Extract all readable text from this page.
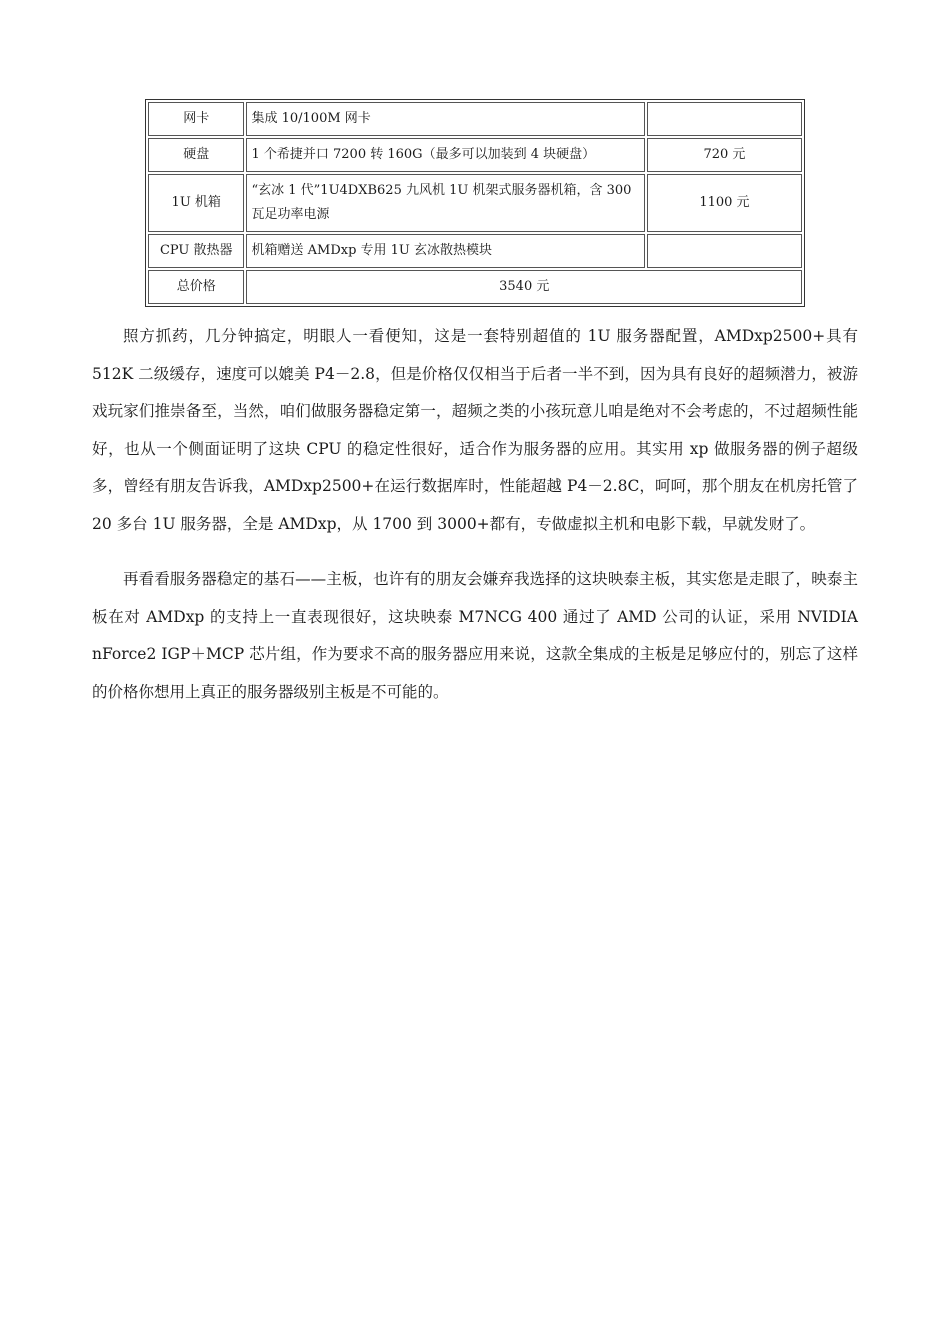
网卡	集成 10/100M 网卡	
硬盘	1 个希捷并口 7200 转 160G（最多可以加装到 4 块硬盘）	720 元
1U 机箱	“玄冰 1 代”1U4DXB625 九风机 1U 机架式服务器机箱，含 300 瓦足功率电源	1100 元
CPU 散热器	机箱赠送 AMDxp 专用 1U 玄冰散热模块	
总价格	3540 元	

照方抓药，几分钟搞定，明眼人一看便知，这是一套特别超值的 1U 服务器配置，AMDxp2500+具有 512K 二级缓存，速度可以媲美 P4－2.8，但是价格仅仅相当于后者一半不到，因为具有良好的超频潜力，被游戏玩家们推崇备至，当然，咱们做服务器稳定第一，超频之类的小孩玩意儿咱是绝对不会考虑的，不过超频性能好，也从一个侧面证明了这块 CPU 的稳定性很好，适合作为服务器的应用。其实用 xp 做服务器的例子超级多，曾经有朋友告诉我，AMDxp2500+在运行数据库时，性能超越 P4－2.8C，呵呵，那个朋友在机房托管了 20 多台 1U 服务器，全是 AMDxp，从 1700 到 3000+都有，专做虚拟主机和电影下载，早就发财了。

再看看服务器稳定的基石——主板，也许有的朋友会嫌弃我选择的这块映泰主板，其实您是走眼了，映泰主板在对 AMDxp 的支持上一直表现很好，这块映泰 M7NCG 400 通过了 AMD 公司的认证，采用 NVIDIA nForce2 IGP＋MCP 芯片组，作为要求不高的服务器应用来说，这款全集成的主板是足够应付的，别忘了这样的价格你想用上真正的服务器级别主板是不可能的。
